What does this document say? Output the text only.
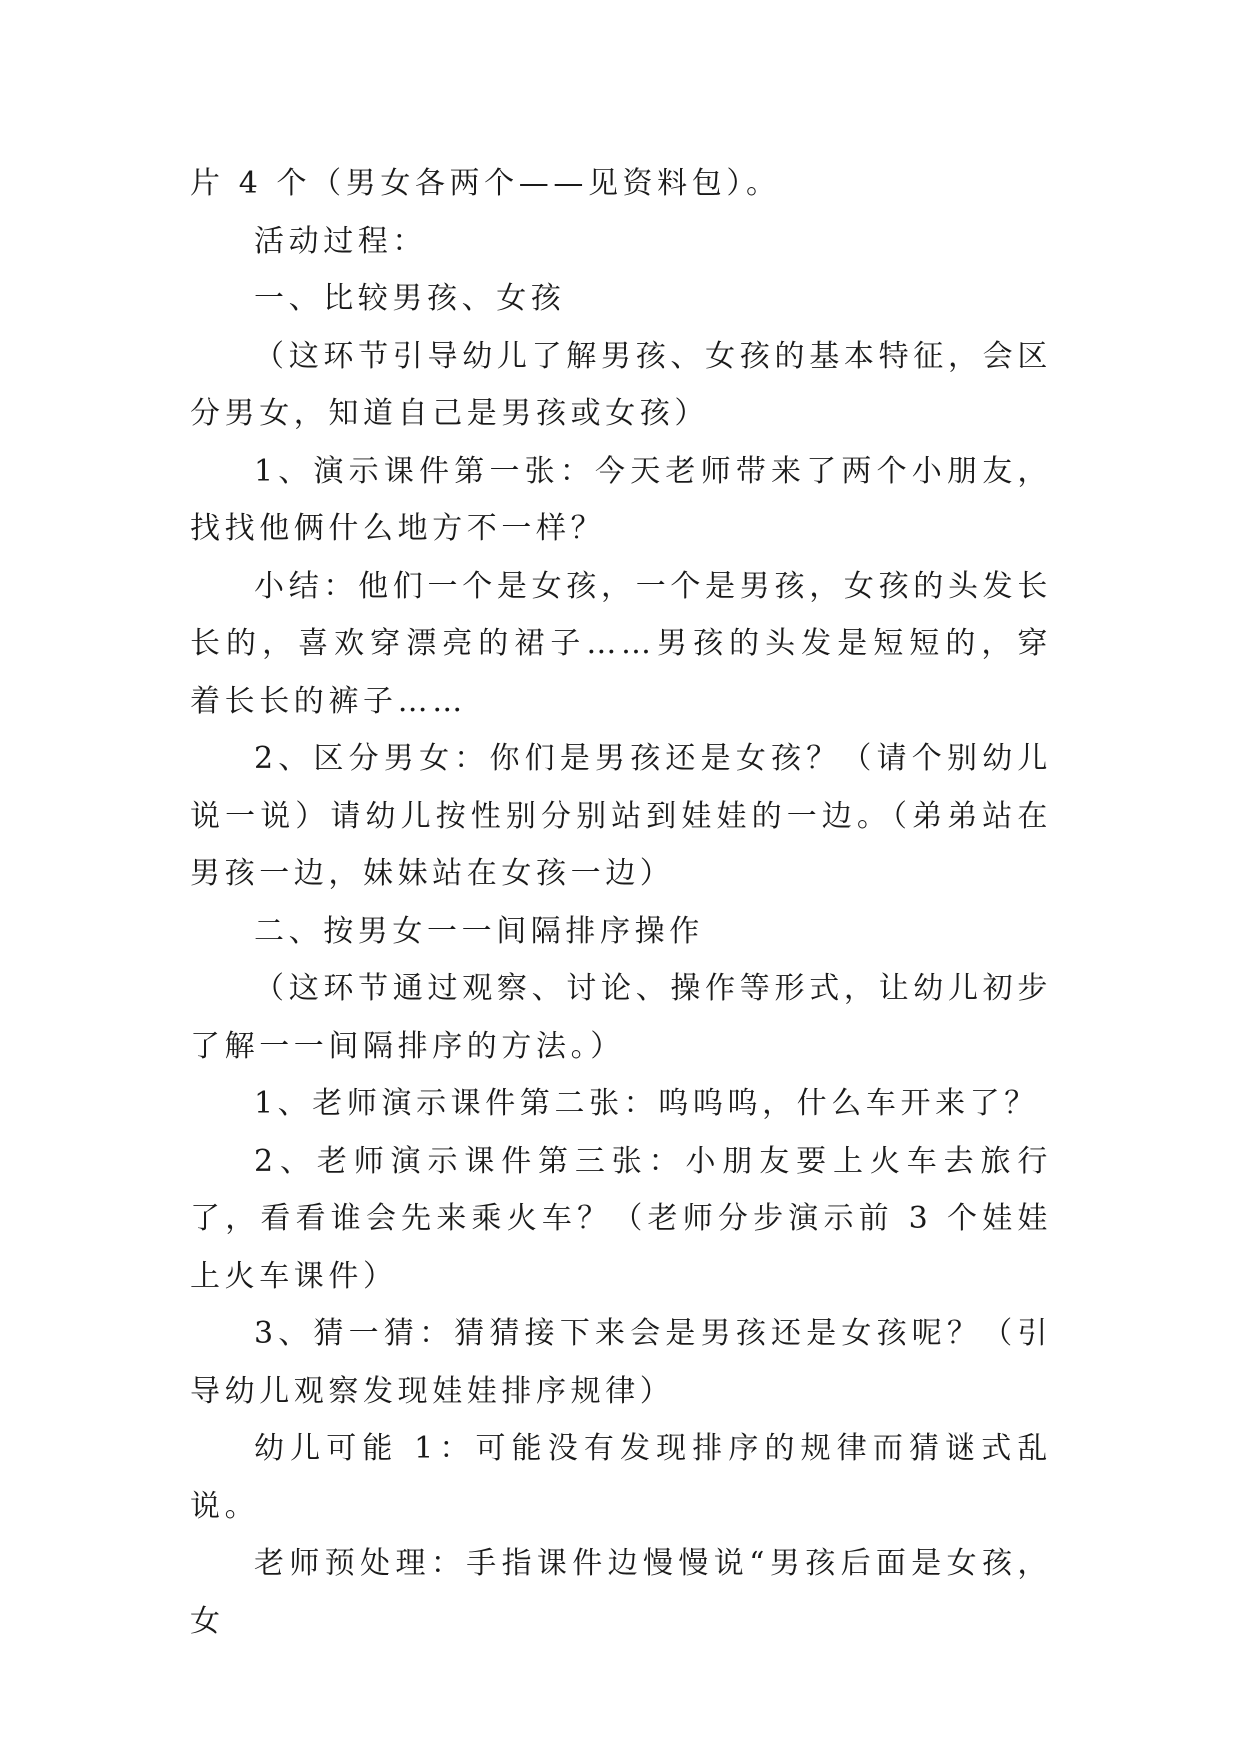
片 4 个（男女各两个——见资料包）。

活动过程：

一、比较男孩、女孩

（这环节引导幼儿了解男孩、女孩的基本特征，会区分男女，知道自己是男孩或女孩）

1、演示课件第一张：今天老师带来了两个小朋友，找找他俩什么地方不一样？

小结：他们一个是女孩，一个是男孩，女孩的头发长长的，喜欢穿漂亮的裙子……男孩的头发是短短的，穿着长长的裤子……

2、区分男女：你们是男孩还是女孩？（请个别幼儿说一说）请幼儿按性别分别站到娃娃的一边。（弟弟站在男孩一边，妹妹站在女孩一边）

二、按男女一一间隔排序操作

（这环节通过观察、讨论、操作等形式，让幼儿初步了解一一间隔排序的方法。）

1、老师演示课件第二张：呜呜呜，什么车开来了？

2、老师演示课件第三张：小朋友要上火车去旅行了，看看谁会先来乘火车？（老师分步演示前 3 个娃娃上火车课件）

3、猜一猜：猜猜接下来会是男孩还是女孩呢？（引导幼儿观察发现娃娃排序规律）

幼儿可能 1：可能没有发现排序的规律而猜谜式乱说。

老师预处理：手指课件边慢慢说“男孩后面是女孩，女
